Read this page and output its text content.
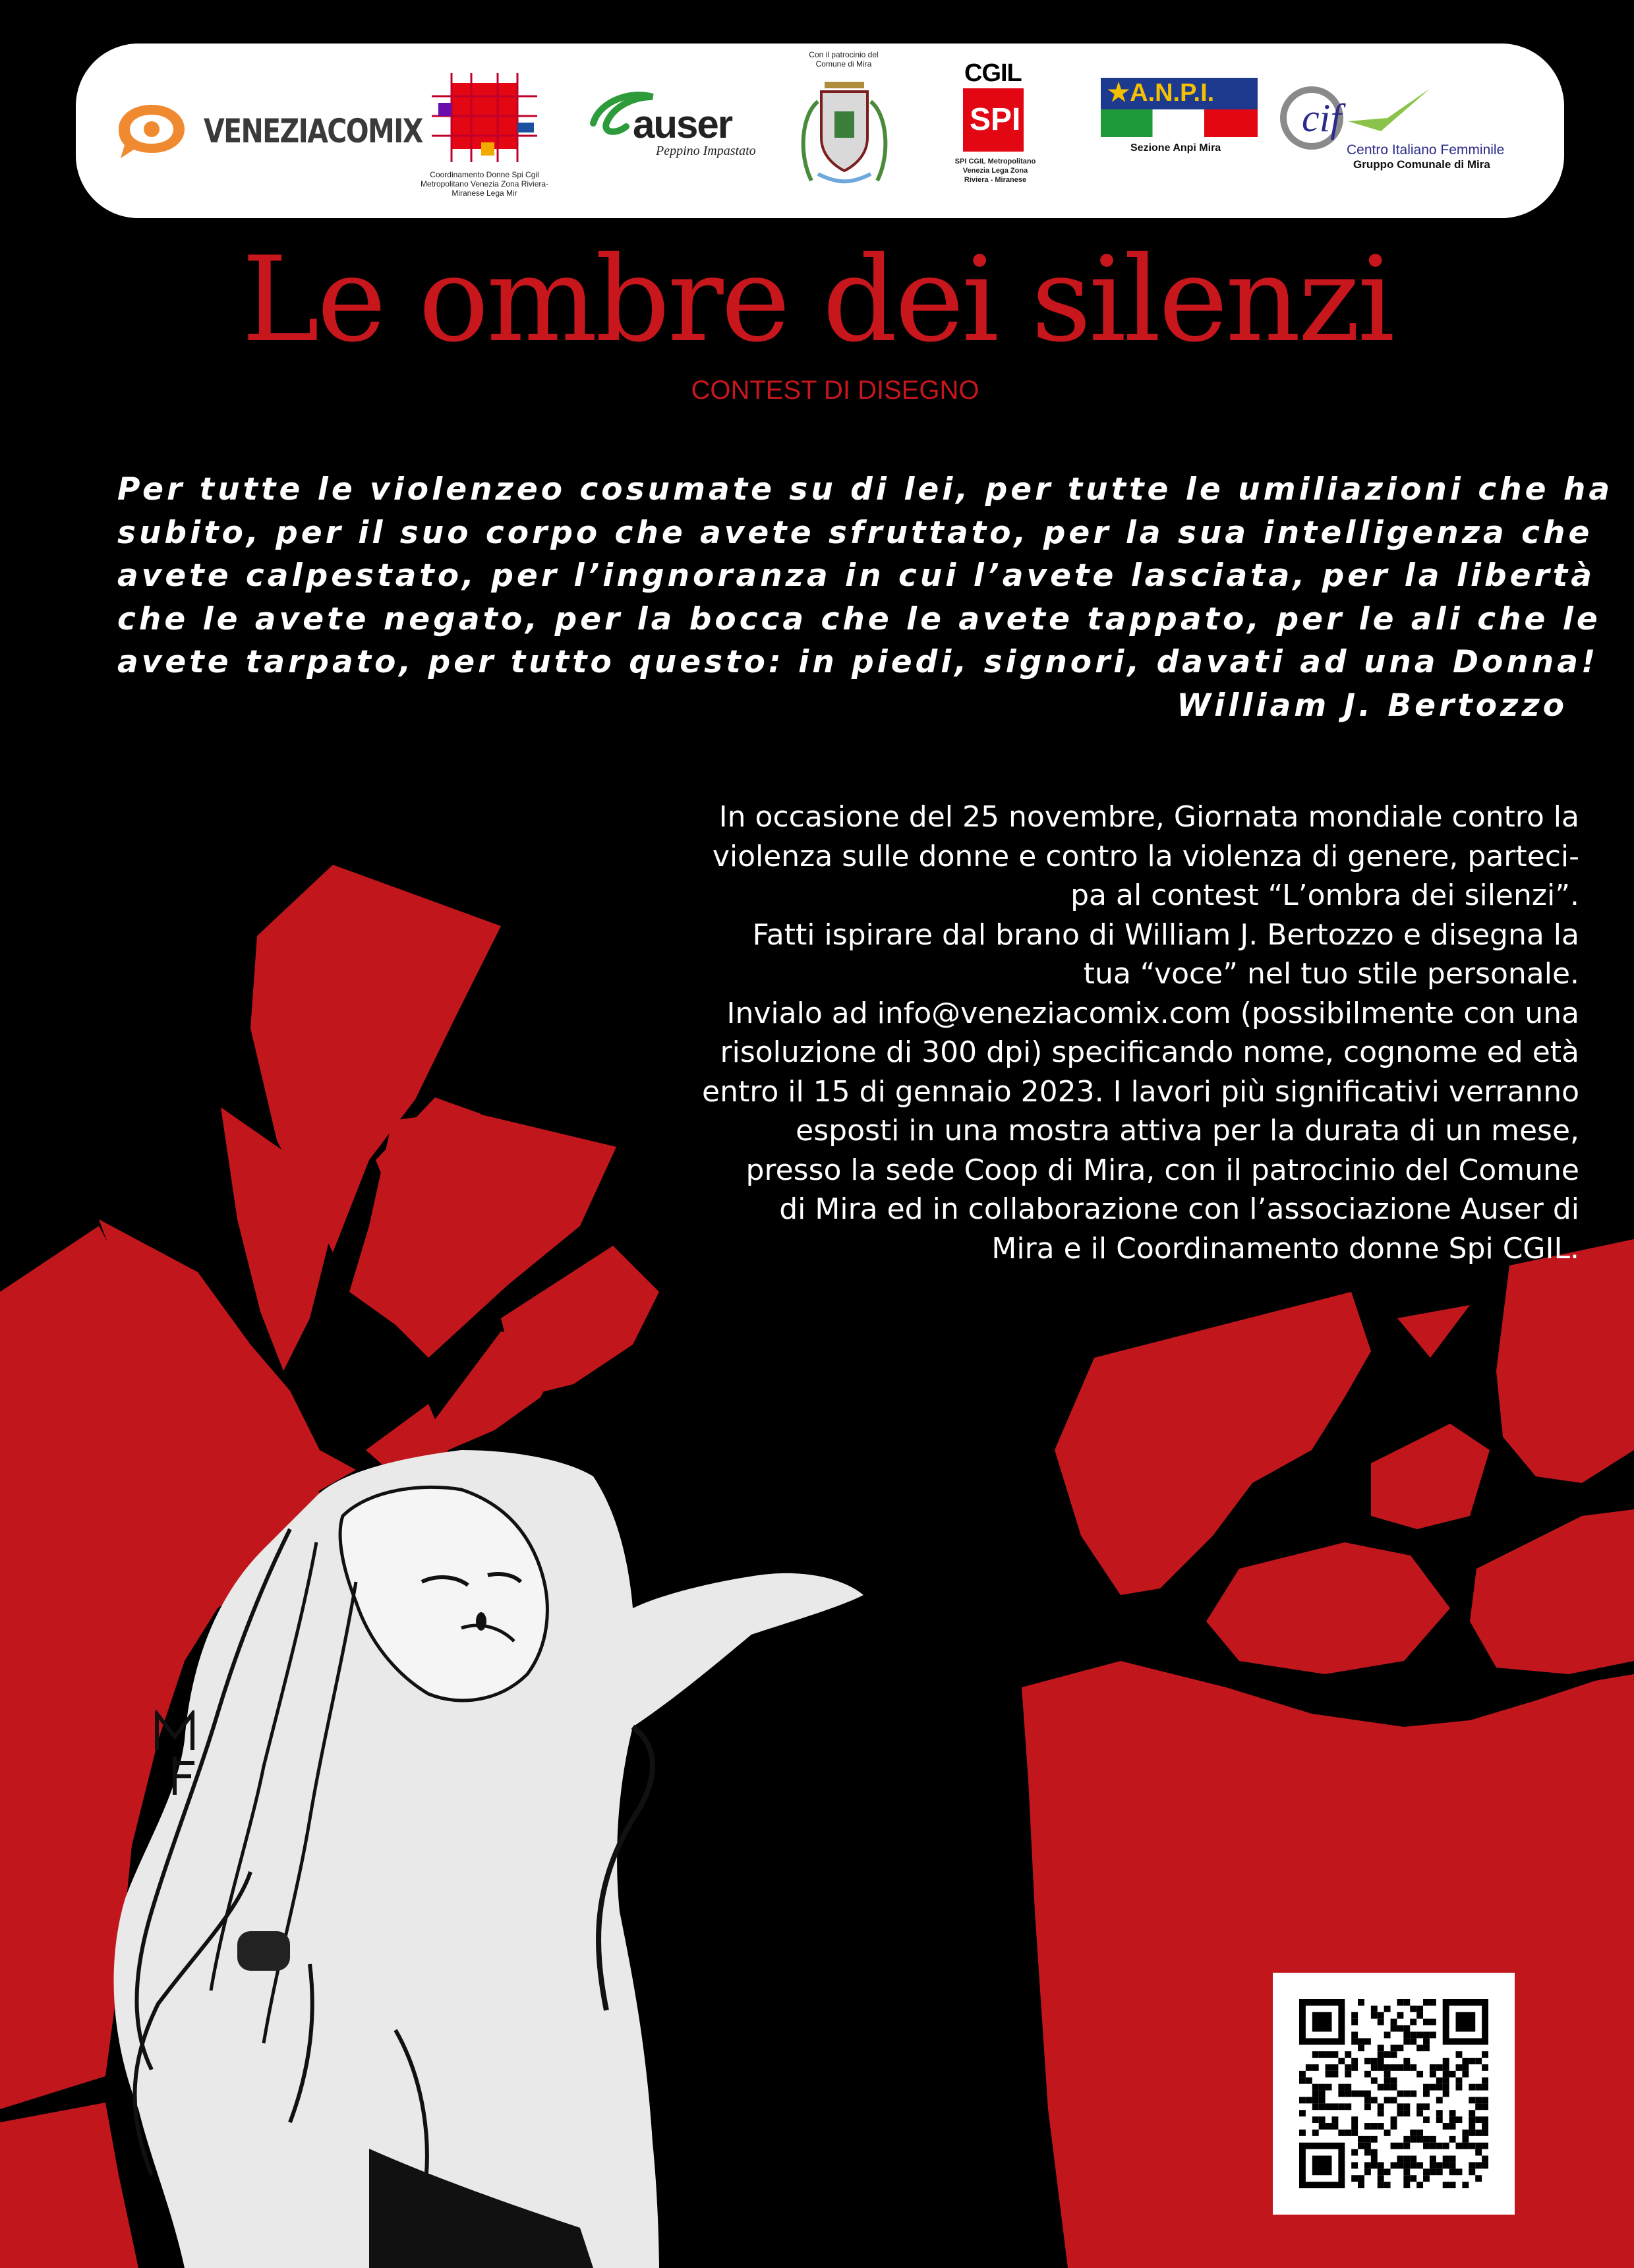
VENEZIACOMIX
Coordinamento Donne Spi Cgil Metropolitano Venezia Zona Riviera-Miranese Lega Mir
auser
Peppino Impastato
Con il patrocinio del Comune di Mira	CGIL
SPI
SPI CGIL Metropolitano Venezia Lega Zona Riviera - Miranese
★A.N.P.I.
Sezione Anpi Mira
cif
Centro Italiano Femminile
Gruppo Comunale di Mira
Le ombre dei silenzi
CONTEST DI DISEGNO
Per tutte le violenzeo cosumate su di lei, per tutte le umiliazioni che ha
subito, per il suo corpo che avete sfruttato, per la sua intelligenza che
avete calpestato, per l’ingnoranza in cui l’avete lasciata, per la libertà
che le avete negato, per la bocca che le avete tappato, per le ali che le
avete tarpato, per tutto questo: in piedi, signori, davati ad una Donna!
William J. Bertozzo
In occasione del 25 novembre, Giornata mondiale contro la
violenza sulle donne e contro la violenza di genere, parteci-
pa al contest “L’ombra dei silenzi”.
Fatti ispirare dal brano di William J. Bertozzo e disegna la
tua “voce” nel tuo stile personale.
Invialo ad info@veneziacomix.com (possibilmente con una
risoluzione di 300 dpi) specificando nome, cognome ed età
entro il 15 di gennaio 2023. I lavori più significativi verranno
esposti in una mostra attiva per la durata di un mese,
presso la sede Coop di Mira, con il patrocinio del Comune
di Mira ed in collaborazione con l’associazione Auser di
Mira e il Coordinamento donne Spi CGIL.
